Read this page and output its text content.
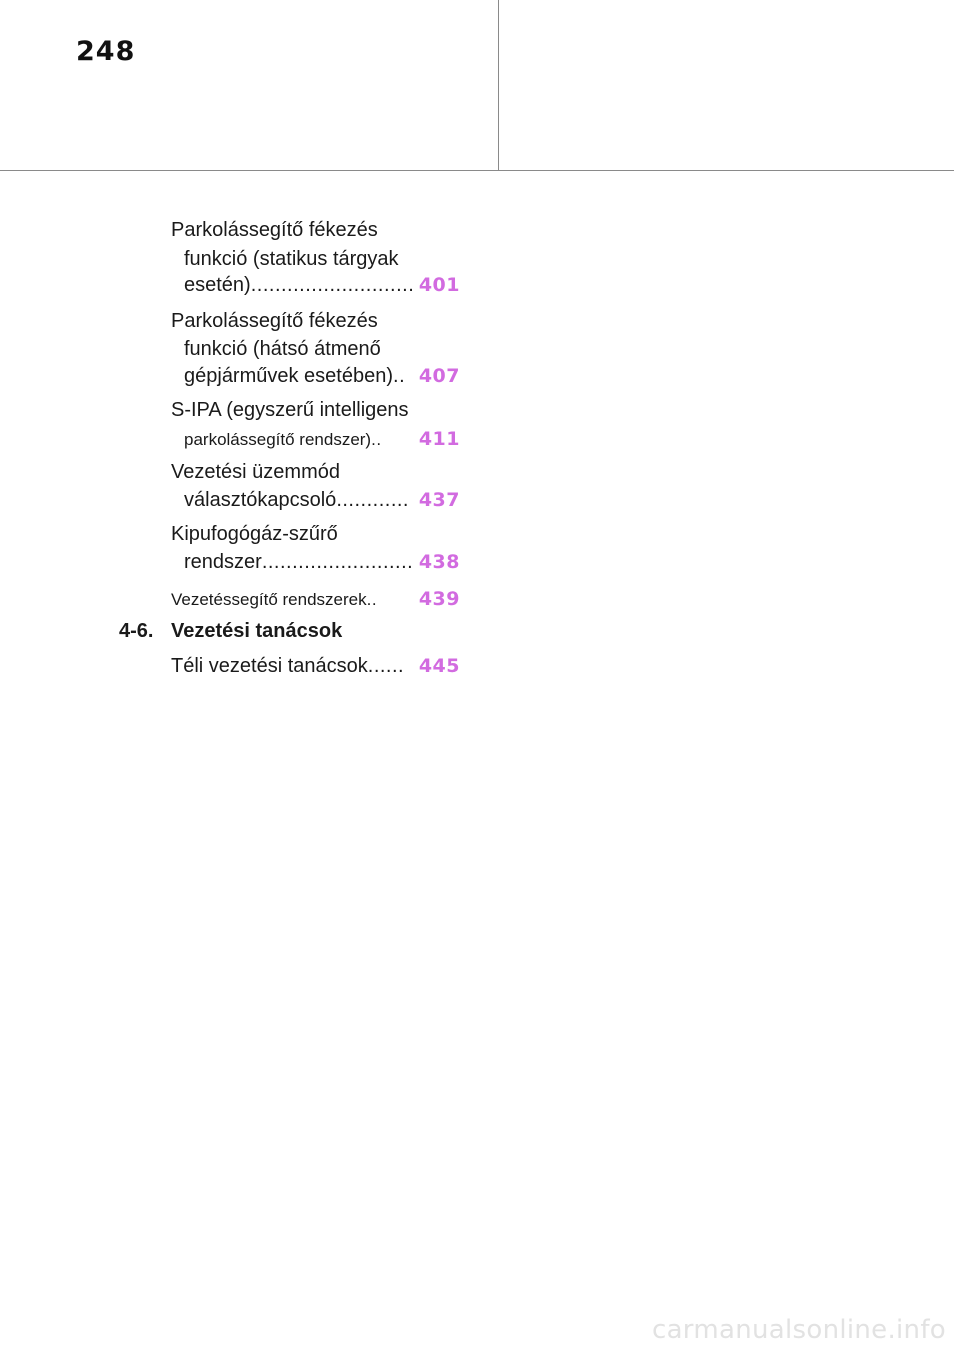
248
Parkolássegítő fékezés
funkció (statikus tárgyak
esetén) ........................... 401
Parkolássegítő fékezés
funkció (hátsó átmenő
gépjárművek esetében) .. 407
S-IPA (egyszerű intelligens
parkolássegítő rendszer) ..	411
Vezetési üzemmód
választókapcsoló ............ 437
Kipufogógáz-szűrő
rendszer ......................... 438
Vezetéssegítő rendszerek ..	439
4-6. Vezetési tanácsok
Téli vezetési tanácsok ...... 445
carmanualsonline.info
